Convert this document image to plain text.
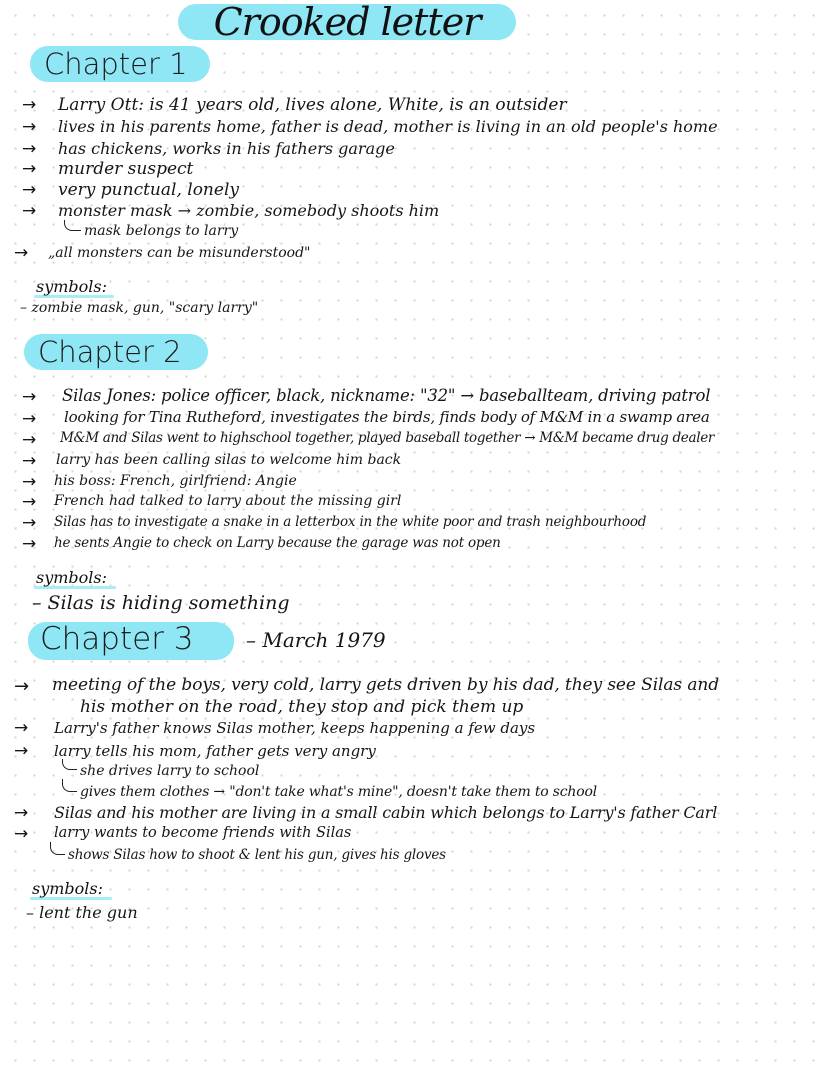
Crooked letter
Chapter 1
→ Larry Ott: is 41 years old, lives alone, White, is an outsider
→ lives in his parents home, father is dead, mother is living in an old people's home
→ has chickens, works in his fathers garage
→ murder suspect
→ very punctual, lonely
→ monster mask → zombie, somebody shoots him
mask belongs to larry
→ „all monsters can be misunderstood"
symbols:
– zombie mask, gun, "scary larry"
Chapter 2
→ Silas Jones: police officer, black, nickname: "32" → baseballteam, driving patrol
→ looking for Tina Rutheford, investigates the birds, finds body of M&M in a swamp area
→ M&M and Silas went to highschool together, played baseball together → M&M became drug dealer
→ larry has been calling silas to welcome him back
→ his boss: French, girlfriend: Angie
→ French had talked to larry about the missing girl
→ Silas has to investigate a snake in a letterbox in the white poor and trash neighbourhood
→ he sents Angie to check on Larry because the garage was not open
symbols:
– Silas is hiding something
Chapter 3	– March 1979
→ meeting of the boys, very cold, larry gets driven by his dad, they see Silas and
his mother on the road, they stop and pick them up
→ Larry's father knows Silas mother, keeps happening a few days
→ larry tells his mom, father gets very angry
she drives larry to school
gives them clothes → "don't take what's mine", doesn't take them to school
→ Silas and his mother are living in a small cabin which belongs to Larry's father Carl
→ larry wants to become friends with Silas
shows Silas how to shoot & lent his gun, gives his gloves
symbols:
– lent the gun
